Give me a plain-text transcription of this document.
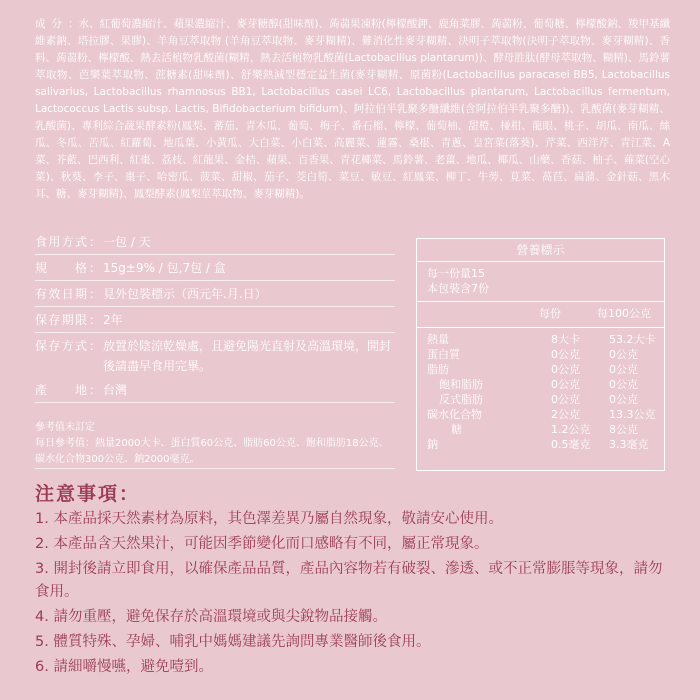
成分：水、紅葡萄濃縮汁、蘋果濃縮汁、麥芽糖醇(甜味劑)、蒟蒻果凍粉(檸檬酸鉀、鹿角菜膠、蒟蒻粉、葡萄糖、檸檬酸鈉、羧甲基纖維素鈉、塔拉膠、果膠)、羊角豆萃取物 (羊角豆萃取物、麥芽糊精)、難消化性麥芽糊精、決明子萃取物(決明子萃取物、麥芽糊精)、香料、蒟蒻粉、檸檬酸、熱去活植物乳酸菌(糊精、熱去活植物乳酸菌(Lactobacillus plantarum))、酵母胜肽(酵母萃取物、糊精)、馬鈴薯萃取物、芭樂葉萃取物、蔗糖素(甜味劑)、舒樂熱減型穩定益生菌(麥芽糊精、原菌粉(Lactobacillus paracasei BB5, Lactobacillus salivarius, Lactobacillus rhamnosus BB1, Lactobacillus casei LC6, Lactobacillus plantarum, Lactobacillus fermentum, Lactococcus Lactis subsp. Lactis, Bifidobacterium bifidum)、阿拉伯半乳聚多醣纖維(含阿拉伯半乳聚多醣))、乳酸菌(麥芽糊精、乳酸菌)、專利綜合蔬果酵素粉(鳳梨、蕃茄、青木瓜、葡萄、梅子、番石榴、檸檬、葡萄柚、甜橙、椪柑、龍眼、桃子、胡瓜、南瓜、絲瓜、冬瓜、苦瓜、紅蘿蔔、地瓜葉、小黃瓜、大白菜、小白菜、高麗菜、蓮霧、桑椹、青蔥、皇宮菜(落葵)、芹菜、西洋芹、青江菜、A菜、芥藍、巴西利、紅棗、荔枝、紅龍果、金桔、蘋果、百香果、青花椰菜、馬鈴薯、老薑、地瓜、椰瓜、山藥、香菇、柚子、蕹菜(空心菜)、秋葵、李子、棗子、哈密瓜、菠菜、甜椒、茄子、茭白筍、菜豆、敏豆、紅鳳菜、柳丁、牛蒡、莧菜、萵苣、扁蒲、金針菇、黑木耳、糖、麥芽糊精)、鳳梨酵素(鳳梨莖萃取物、麥芽糊精)。
食用方式 ： 一包 / 天
規格 ： 15g±9% / 包,7包 / 盒
有效日期 ： 見外包裝標示（西元年.月.日）
保存期限 ： 2年
保存方式 ： 放置於陰涼乾燥處，且避免陽光直射及高溫環境，開封後請盡早食用完畢。
產地 ： 台灣
參考值未訂定
每日參考值：熱量2000大卡、蛋白質60公克、脂肪60公克、飽和脂肪18公克、碳水化合物300公克、鈉2000毫克。
營養標示
每一份量15
本包裝含7份
每份	每100公克
熱量	8大卡	53.2大卡
蛋白質	0公克	0公克
脂肪	0公克	0公克
飽和脂肪	0公克	0公克
反式脂肪	0公克	0公克
碳水化合物	2公克	13.3公克
糖	1.2公克 8公克
鈉	0.5毫克 3.3毫克
注意事項：
1. 本產品採天然素材為原料，其色澤差異乃屬自然現象，敬請安心使用。
2. 本產品含天然果汁，可能因季節變化而口感略有不同，屬正常現象。
3. 開封後請立即食用，以確保產品品質，產品內容物若有破裂、滲透、或不正常膨脹等現象，請勿食用。
4. 請勿重壓，避免保存於高溫環境或與尖銳物品接觸。
5. 體質特殊、孕婦、哺乳中媽媽建議先詢問專業醫師後食用。
6. 請細嚼慢嚥，避免噎到。
